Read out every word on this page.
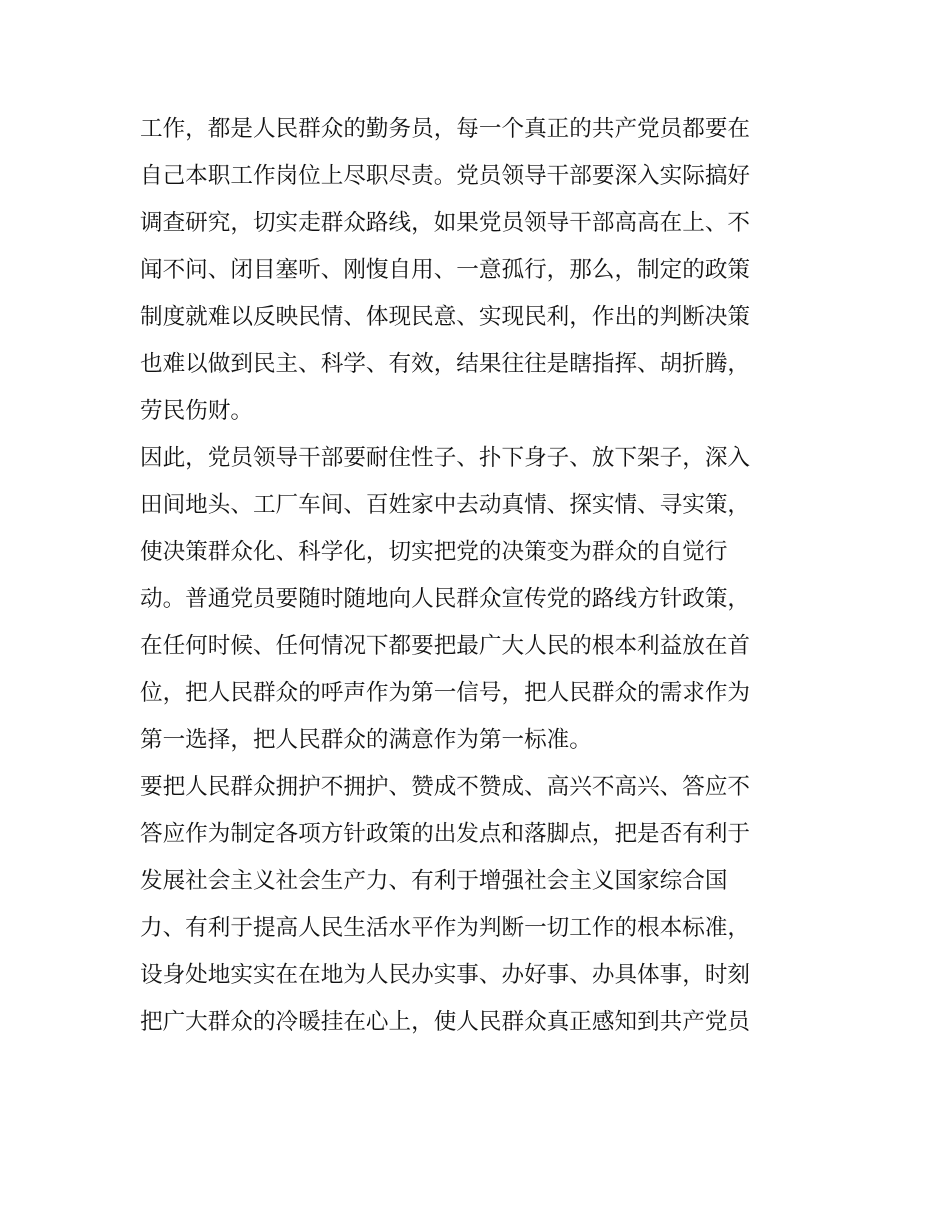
工作，都是人民群众的勤务员，每一个真正的共产党员都要在
自己本职工作岗位上尽职尽责。党员领导干部要深入实际搞好
调查研究，切实走群众路线，如果党员领导干部高高在上、不
闻不问、闭目塞听、刚愎自用、一意孤行，那么，制定的政策
制度就难以反映民情、体现民意、实现民利，作出的判断决策
也难以做到民主、科学、有效，结果往往是瞎指挥、胡折腾，
劳民伤财。
因此，党员领导干部要耐住性子、扑下身子、放下架子，深入
田间地头、工厂车间、百姓家中去动真情、探实情、寻实策，
使决策群众化、科学化，切实把党的决策变为群众的自觉行
动。普通党员要随时随地向人民群众宣传党的路线方针政策，
在任何时候、任何情况下都要把最广大人民的根本利益放在首
位，把人民群众的呼声作为第一信号，把人民群众的需求作为
第一选择，把人民群众的满意作为第一标准。
要把人民群众拥护不拥护、赞成不赞成、高兴不高兴、答应不
答应作为制定各项方针政策的出发点和落脚点，把是否有利于
发展社会主义社会生产力、有利于增强社会主义国家综合国
力、有利于提高人民生活水平作为判断一切工作的根本标准，
设身处地实实在在地为人民办实事、办好事、办具体事，时刻
把广大群众的冷暖挂在心上，使人民群众真正感知到共产党员
